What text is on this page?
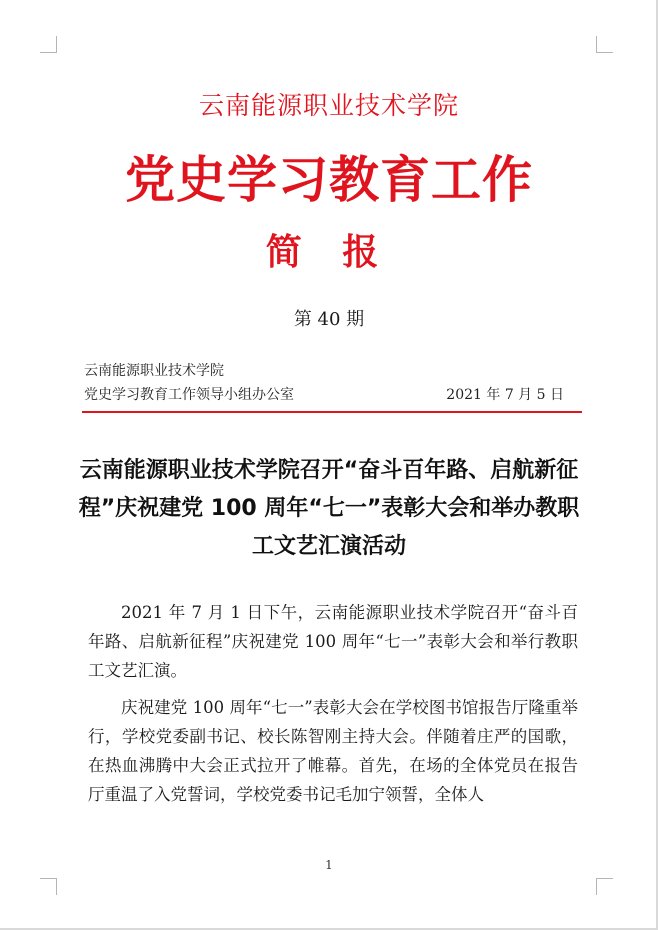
云南能源职业技术学院
党史学习教育工作
简 报
第 40 期
云南能源职业技术学院
党史学习教育工作领导小组办公室	2021 年 7 月 5 日
云南能源职业技术学院召开“奋斗百年路、启航新征程”庆祝建党 100 周年“七一”表彰大会和举办教职工文艺汇演活动

2021 年 7 月 1 日下午，云南能源职业技术学院召开“奋斗百年路、启航新征程”庆祝建党 100 周年“七一”表彰大会和举行教职工文艺汇演。

庆祝建党 100 周年“七一”表彰大会在学校图书馆报告厅隆重举行，学校党委副书记、校长陈智刚主持大会。伴随着庄严的国歌，在热血沸腾中大会正式拉开了帷幕。首先，在场的全体党员在报告厅重温了入党誓词，学校党委书记毛加宁领誓，全体人

1
